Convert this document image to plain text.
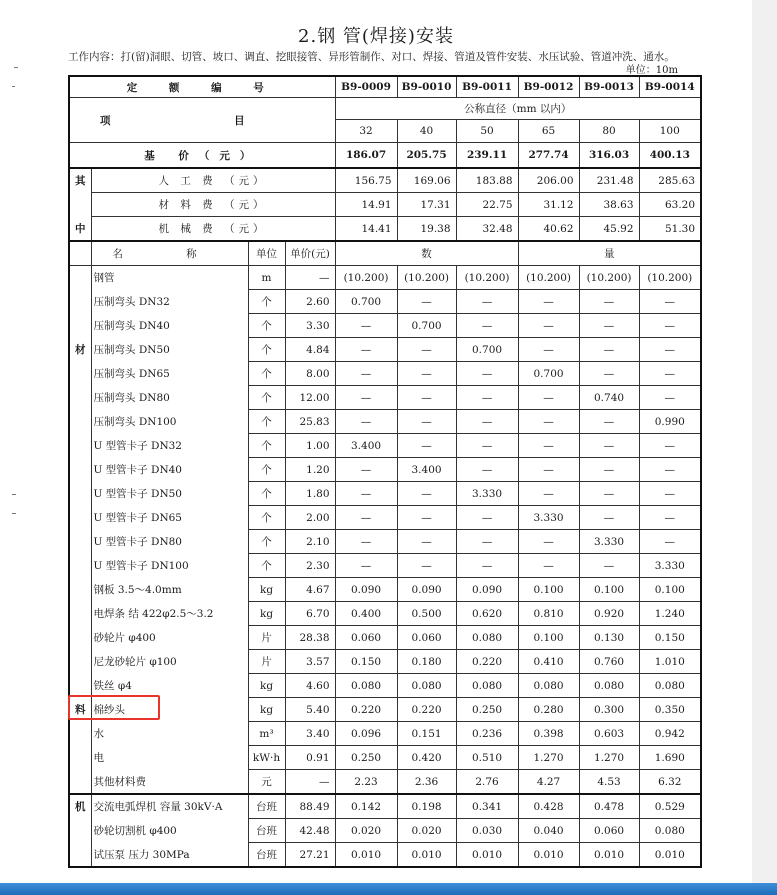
2.钢 管(焊接)安装
工作内容：打(留)洞眼、切管、坡口、调直、挖眼接管、异形管制作、对口、焊接、管道及管件安装、水压试验、管道冲洗、通水。
单位：10m
定 额 编 号				B9-0009	B9-0010	B9-0011	B9-0012	B9-0013	B9-0014
项 目				公称直径（mm 以内）					
				32	40	50	65	80	100
基 价（元）				186.07	205.75	239.11	277.74	316.03	400.13
其	人 工 费 （元）			156.75	169.06	183.88	206.00	231.48	285.63
	材 料 费 （元）			14.91	17.31	22.75	31.12	38.63	63.20
中	机 械 费 （元）			14.41	19.38	32.48	40.62	45.92	51.30
	名 称	单位	单价(元)	数			量		
	钢管	m	—	(10.200)	(10.200)	(10.200)	(10.200)	(10.200)	(10.200)
	压制弯头 DN32	个	2.60	0.700	—	—	—	—	—
	压制弯头 DN40	个	3.30	—	0.700	—	—	—	—
材	压制弯头 DN50	个	4.84	—	—	0.700	—	—	—
	压制弯头 DN65	个	8.00	—	—	—	0.700	—	—
	压制弯头 DN80	个	12.00	—	—	—	—	0.740	—
	压制弯头 DN100	个	25.83	—	—	—	—	—	0.990
	U 型管卡子 DN32	个	1.00	3.400	—	—	—	—	—
	U 型管卡子 DN40	个	1.20	—	3.400	—	—	—	—
	U 型管卡子 DN50	个	1.80	—	—	3.330	—	—	—
	U 型管卡子 DN65	个	2.00	—	—	—	3.330	—	—
	U 型管卡子 DN80	个	2.10	—	—	—	—	3.330	—
	U 型管卡子 DN100	个	2.30	—	—	—	—	—	3.330
	钢板 3.5～4.0mm	kg	4.67	0.090	0.090	0.090	0.100	0.100	0.100
	电焊条 结 422φ2.5～3.2	kg	6.70	0.400	0.500	0.620	0.810	0.920	1.240
	砂轮片 φ400	片	28.38	0.060	0.060	0.080	0.100	0.130	0.150
	尼龙砂轮片 φ100	片	3.57	0.150	0.180	0.220	0.410	0.760	1.010
	铁丝 φ4	kg	4.60	0.080	0.080	0.080	0.080	0.080	0.080
料	棉纱头	kg	5.40	0.220	0.220	0.250	0.280	0.300	0.350
	水	m³	3.40	0.096	0.151	0.236	0.398	0.603	0.942
	电	kW·h	0.91	0.250	0.420	0.510	1.270	1.270	1.690
	其他材料费	元	—	2.23	2.36	2.76	4.27	4.53	6.32
机	交流电弧焊机 容量 30kV·A	台班	88.49	0.142	0.198	0.341	0.428	0.478	0.529
	砂轮切割机 φ400	台班	42.48	0.020	0.020	0.030	0.040	0.060	0.080
	试压泵 压力 30MPa	台班	27.21	0.010	0.010	0.010	0.010	0.010	0.010
